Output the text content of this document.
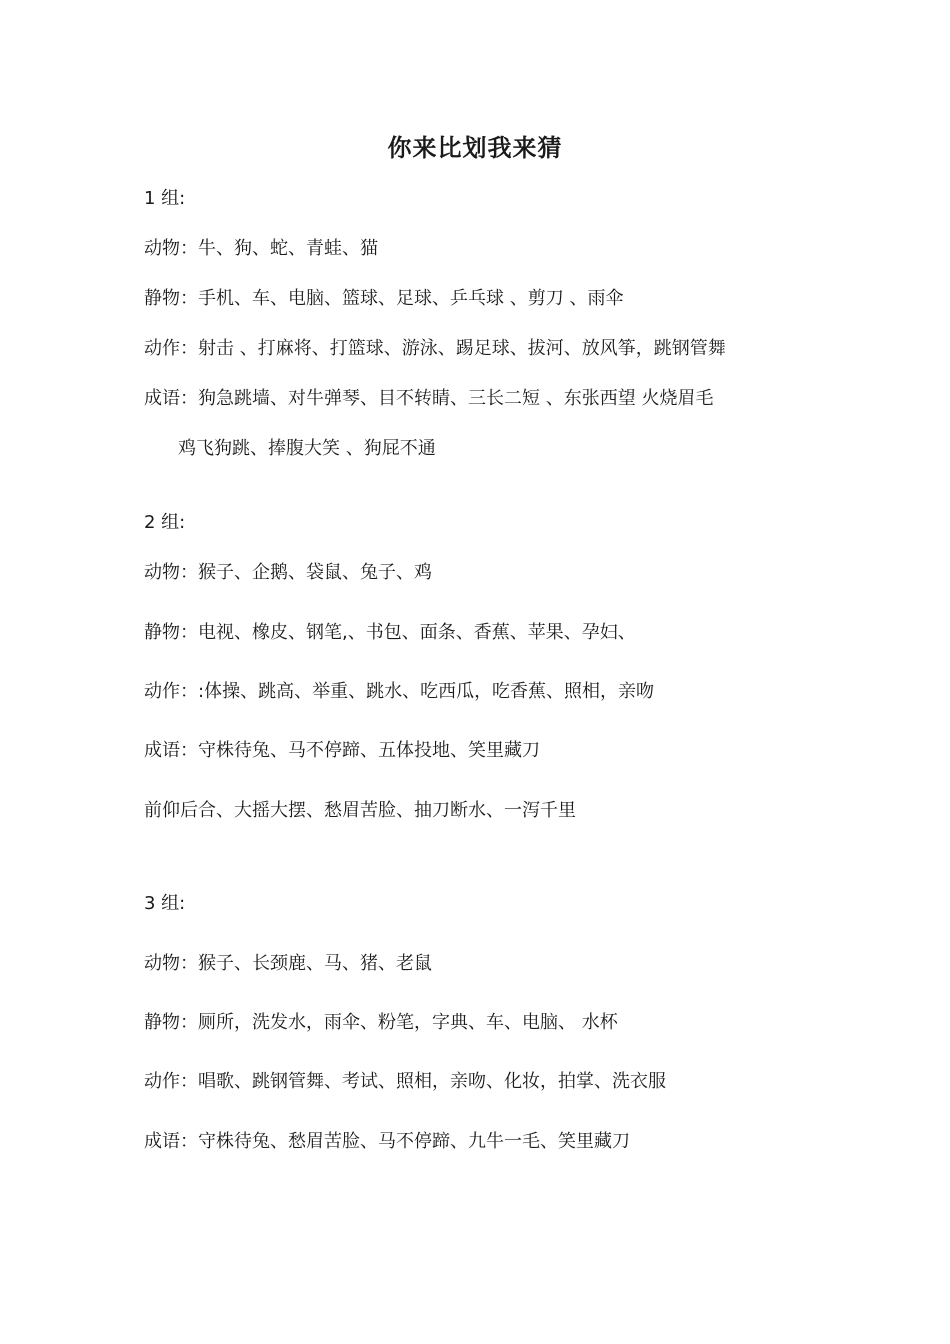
你来比划我来猜
1 组:
动物：牛、狗、蛇、青蛙、猫
静物：手机、车、电脑、篮球、足球、乒乓球 、剪刀 、雨伞
动作：射击 、打麻将、打篮球、游泳、踢足球、拔河、放风筝，跳钢管舞
成语：狗急跳墙、对牛弹琴、目不转睛、三长二短 、东张西望 火烧眉毛
鸡飞狗跳、捧腹大笑 、狗屁不通
2 组:
动物：猴子、企鹅、袋鼠、兔子、鸡
静物：电视、橡皮、钢笔,、书包、面条、香蕉、苹果、孕妇、
动作：:体操、跳高、举重、跳水、吃西瓜，吃香蕉、照相，亲吻
成语：守株待兔、马不停蹄、五体投地、笑里藏刀
前仰后合、大摇大摆、愁眉苦脸、抽刀断水、一泻千里
3 组:
动物：猴子、长颈鹿、马、猪、老鼠
静物：厕所，洗发水，雨伞、粉笔，字典、车、电脑、 水杯
动作：唱歌、跳钢管舞、考试、照相，亲吻、化妆，拍掌、洗衣服
成语：守株待兔、愁眉苦脸、马不停蹄、九牛一毛、笑里藏刀
